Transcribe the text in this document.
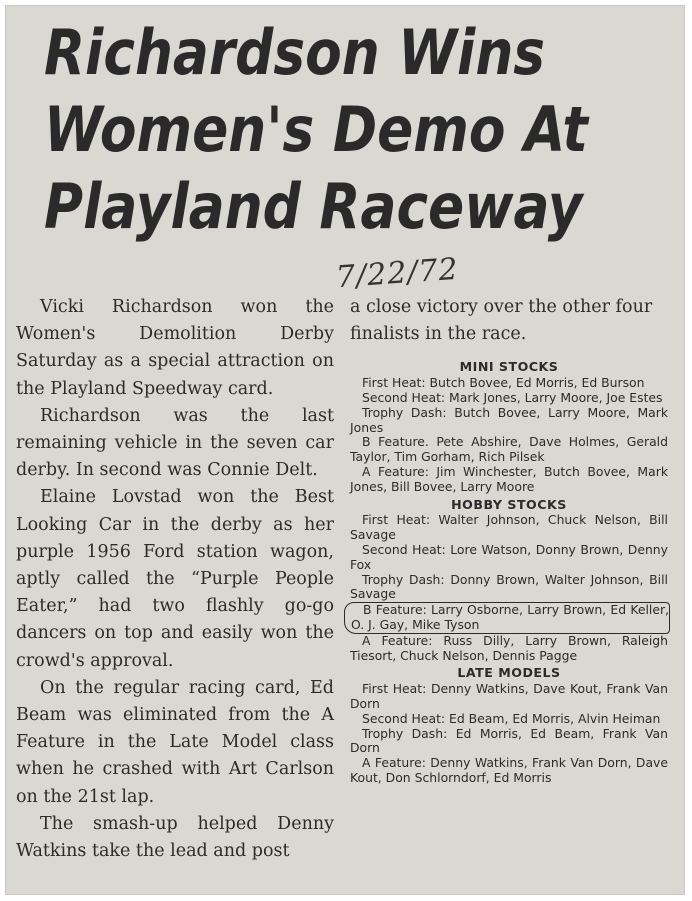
Richardson Wins
Women's Demo At
Playland Raceway
7/22/72

Vicki Richardson won the Women's Demolition Derby Saturday as a special attraction on the Playland Speedway card.

Richardson was the last remaining vehicle in the seven car derby. In second was Connie Delt.

Elaine Lovstad won the Best Looking Car in the derby as her purple 1956 Ford station wagon, aptly called the “Purple People Eater,” had two flashly go-go dancers on top and easily won the crowd's approval.

On the regular racing card, Ed Beam was eliminated from the A Feature in the Late Model class when he crashed with Art Carlson on the 21st lap.

The smash-up helped Denny Watkins take the lead and post

a close victory over the other four finalists in the race.

MINI STOCKS

First Heat: Butch Bovee, Ed Morris, Ed Burson

Second Heat: Mark Jones, Larry Moore, Joe Estes

Trophy Dash: Butch Bovee, Larry Moore, Mark Jones

B Feature. Pete Abshire, Dave Holmes, Gerald Taylor, Tim Gorham, Rich Pilsek

A Feature: Jim Winchester, Butch Bovee, Mark Jones, Bill Bovee, Larry Moore

HOBBY STOCKS

First Heat: Walter Johnson, Chuck Nelson, Bill Savage

Second Heat: Lore Watson, Donny Brown, Denny Fox

Trophy Dash: Donny Brown, Walter Johnson, Bill Savage

B Feature: Larry Osborne, Larry Brown, Ed Keller, O. J. Gay, Mike Tyson

A Feature: Russ Dilly, Larry Brown, Raleigh Tiesort, Chuck Nelson, Dennis Pagge

LATE MODELS

First Heat: Denny Watkins, Dave Kout, Frank Van Dorn

Second Heat: Ed Beam, Ed Morris, Alvin Heiman

Trophy Dash: Ed Morris, Ed Beam, Frank Van Dorn

A Feature: Denny Watkins, Frank Van Dorn, Dave Kout, Don Schlorndorf, Ed Morris
